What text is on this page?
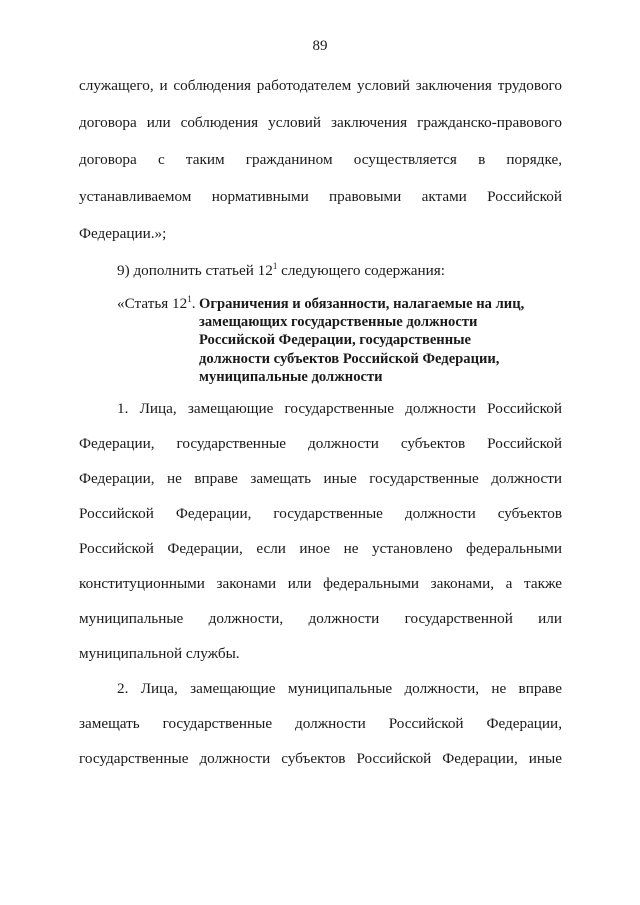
89
служащего, и соблюдения работодателем условий заключения трудового
договора или соблюдения условий заключения гражданско-правового
договора с таким гражданином осуществляется в порядке,
устанавливаемом нормативными правовыми актами Российской
Федерации.»;
9) дополнить статьей $12^1$ следующего содержания:
«Статья $12^1$. Ограничения и обязанности, налагаемые на лиц,
замещающих государственные должности
Российской Федерации, государственные
должности субъектов Российской Федерации,
муниципальные должности
1. Лица, замещающие государственные должности Российской
Федерации, государственные должности субъектов Российской
Федерации, не вправе замещать иные государственные должности
Российской Федерации, государственные должности субъектов
Российской Федерации, если иное не установлено федеральными
конституционными законами или федеральными законами, а также
муниципальные должности, должности государственной или
муниципальной службы.
2. Лица, замещающие муниципальные должности, не вправе
замещать государственные должности Российской Федерации,
государственные должности субъектов Российской Федерации, иные
